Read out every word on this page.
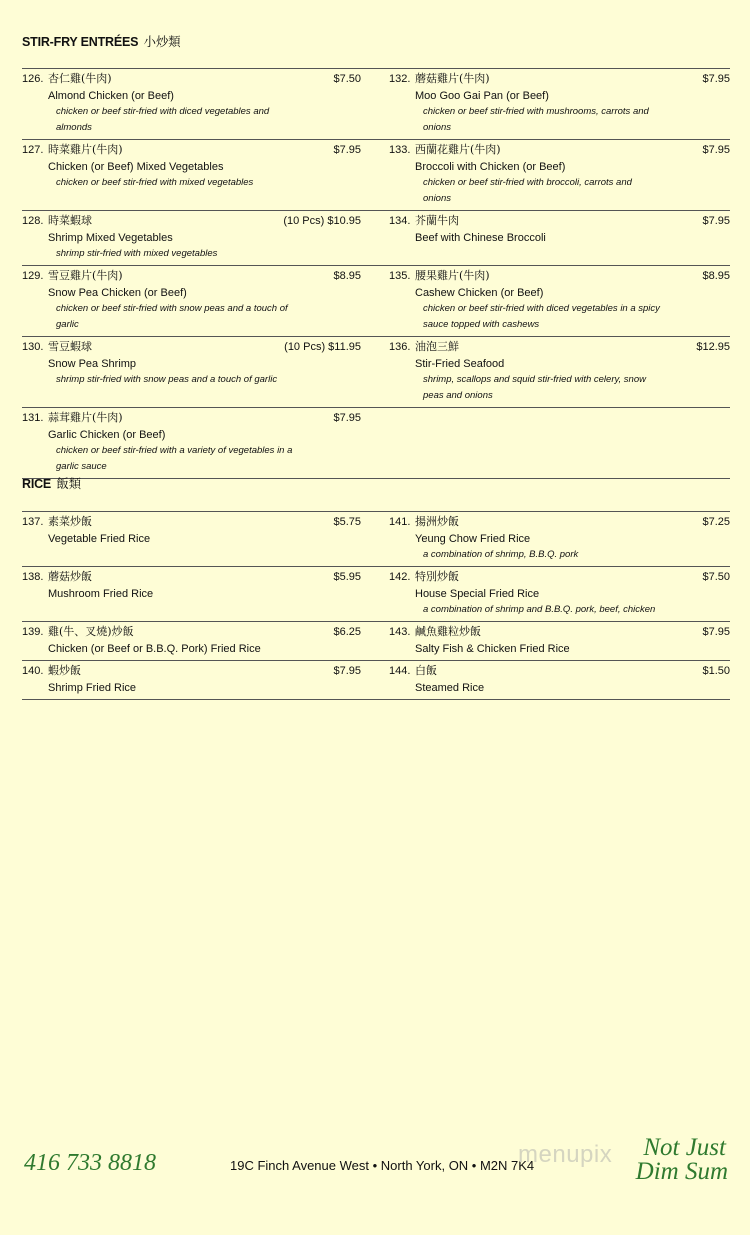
STIR-FRY ENTRÉES 小炒類
126. 杏仁雞(牛肉)	$7.50
Almond Chicken (or Beef)
chicken or beef stir-fried with diced vegetables and almonds
132. 蘑菇雞片(牛肉)	$7.95
Moo Goo Gai Pan (or Beef)
chicken or beef stir-fried with mushrooms, carrots and onions
127. 時菜雞片(牛肉)	$7.95
Chicken (or Beef) Mixed Vegetables
chicken or beef stir-fried with mixed vegetables
133. 西蘭花雞片(牛肉)	$7.95
Broccoli with Chicken (or Beef)
chicken or beef stir-fried with broccoli, carrots and onions
128. 時菜蝦球	(10 Pcs) $10.95
Shrimp Mixed Vegetables
shrimp stir-fried with mixed vegetables
134. 芥蘭牛肉	$7.95
Beef with Chinese Broccoli
129. 雪豆雞片(牛肉)	$8.95
Snow Pea Chicken (or Beef)
chicken or beef stir-fried with snow peas and a touch of garlic
135. 腰果雞片(牛肉)	$8.95
Cashew Chicken (or Beef)
chicken or beef stir-fried with diced vegetables in a spicy sauce topped with cashews
130. 雪豆蝦球	(10 Pcs) $11.95
Snow Pea Shrimp
shrimp stir-fried with snow peas and a touch of garlic
136. 油泡三鮮	$12.95
Stir-Fried Seafood
shrimp, scallops and squid stir-fried with celery, snow peas and onions
131. 蒜茸雞片(牛肉)	$7.95
Garlic Chicken (or Beef)
chicken or beef stir-fried with a variety of vegetables in a garlic sauce
RICE 飯類
137. 素菜炒飯	$5.75
Vegetable Fried Rice
141. 揚洲炒飯	$7.25
Yeung Chow Fried Rice
a combination of shrimp, B.B.Q. pork
138. 蘑菇炒飯	$5.95
Mushroom Fried Rice
142. 特別炒飯	$7.50
House Special Fried Rice
a combination of shrimp and B.B.Q. pork, beef, chicken
139. 雞(牛、叉燒)炒飯	$6.25
Chicken (or Beef or B.B.Q. Pork) Fried Rice
143. 鹹魚雞粒炒飯	$7.95
Salty Fish & Chicken Fried Rice
140. 蝦炒飯	$7.95
Shrimp Fried Rice
144. 白飯	$1.50
Steamed Rice
416 733 8818	19C Finch Avenue West • North York, ON • M2N 7K4
menupix	Not Just
Dim Sum
